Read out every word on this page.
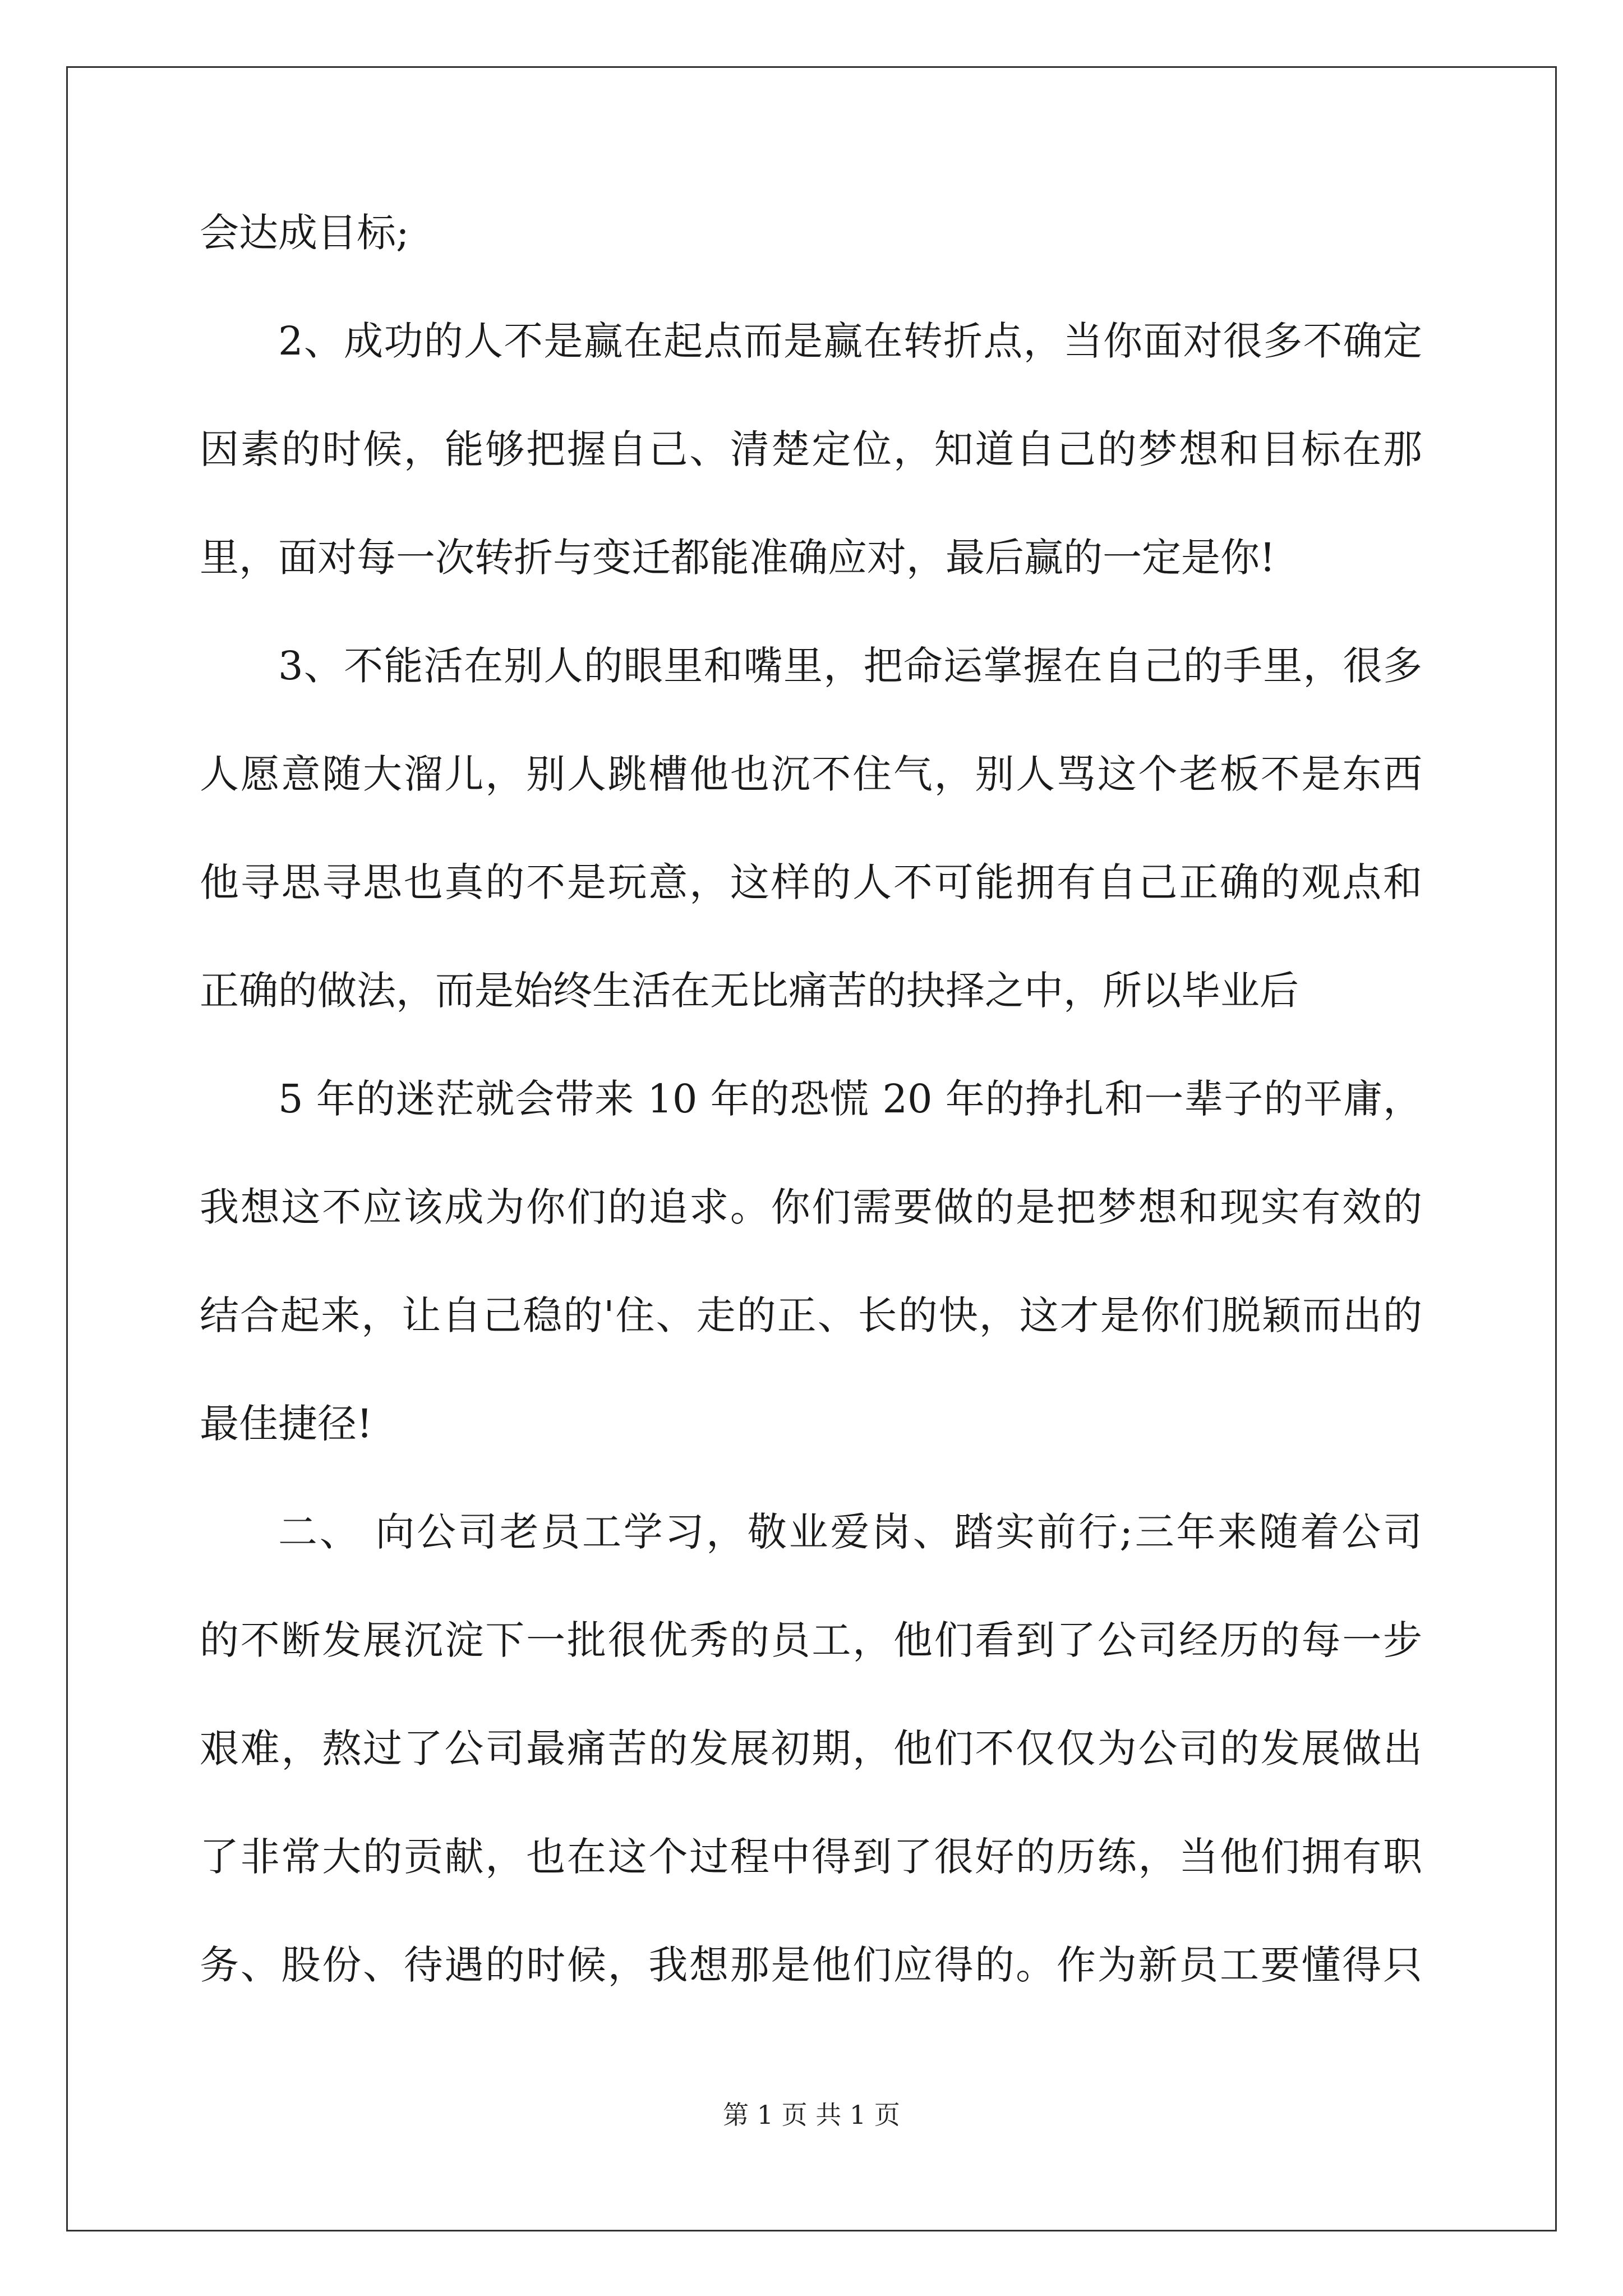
会达成目标;
2、成功的人不是赢在起点而是赢在转折点，当你面对很多不确定
因素的时候，能够把握自己、清楚定位，知道自己的梦想和目标在那
里，面对每一次转折与变迁都能准确应对，最后赢的一定是你!
3、不能活在别人的眼里和嘴里，把命运掌握在自己的手里，很多
人愿意随大溜儿，别人跳槽他也沉不住气，别人骂这个老板不是东西
他寻思寻思也真的不是玩意，这样的人不可能拥有自己正确的观点和
正确的做法，而是始终生活在无比痛苦的抉择之中，所以毕业后
5 年的迷茫就会带来 10 年的恐慌 20 年的挣扎和一辈子的平庸，
我想这不应该成为你们的追求。你们需要做的是把梦想和现实有效的
结合起来，让自己稳的'住、走的正、长的快，这才是你们脱颖而出的
最佳捷径!
二、 向公司老员工学习，敬业爱岗、踏实前行;三年来随着公司
的不断发展沉淀下一批很优秀的员工，他们看到了公司经历的每一步
艰难，熬过了公司最痛苦的发展初期，他们不仅仅为公司的发展做出
了非常大的贡献，也在这个过程中得到了很好的历练，当他们拥有职
务、股份、待遇的时候，我想那是他们应得的。作为新员工要懂得只
第 1 页 共 1 页
